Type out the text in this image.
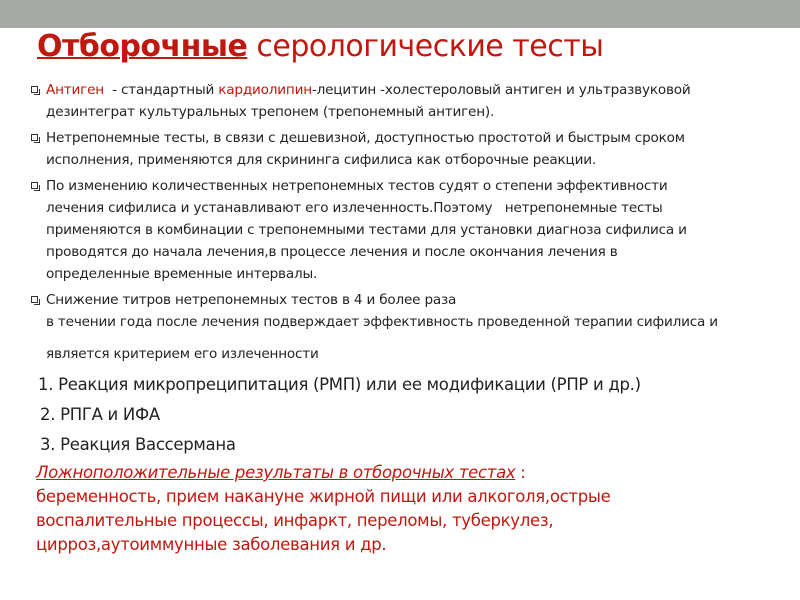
Отборочные серологические тесты
Антиген  - стандартный кардиолипин-лецитин -холестероловый антиген и ультразвуковой
дезинтеграт культуральных трепонем (трепонемный антиген).
Нетрепонемные тесты, в связи с дешевизной, доступностью простотой и быстрым сроком
исполнения, применяются для скрининга сифилиса как отборочные реакции.
По изменению количественных нетрепонемных тестов судят о степени эффективности
лечения сифилиса и устанавливают его излеченность.Поэтому   нетрепонемные тесты
применяются в комбинации с трепонемными тестами для установки диагноза сифилиса и
проводятся до начала лечения,в процессе лечения и после окончания лечения в
определенные временные интервалы.
Снижение титров нетрепонемных тестов в 4 и более раза
в течении года после лечения подверждает эффективность проведенной терапии сифилиса и
является критерием его излеченности
1. Реакция микропреципитация (РМП) или ее модификации (РПР и др.)
2. РПГА и ИФА
3. Реакция Вассермана
Ложноположительные результаты в отборочных тестах :
беременность, прием накануне жирной пищи или алкоголя,острые
воспалительные процессы, инфаркт, переломы, туберкулез,
цирроз,аутоиммунные заболевания и др.
